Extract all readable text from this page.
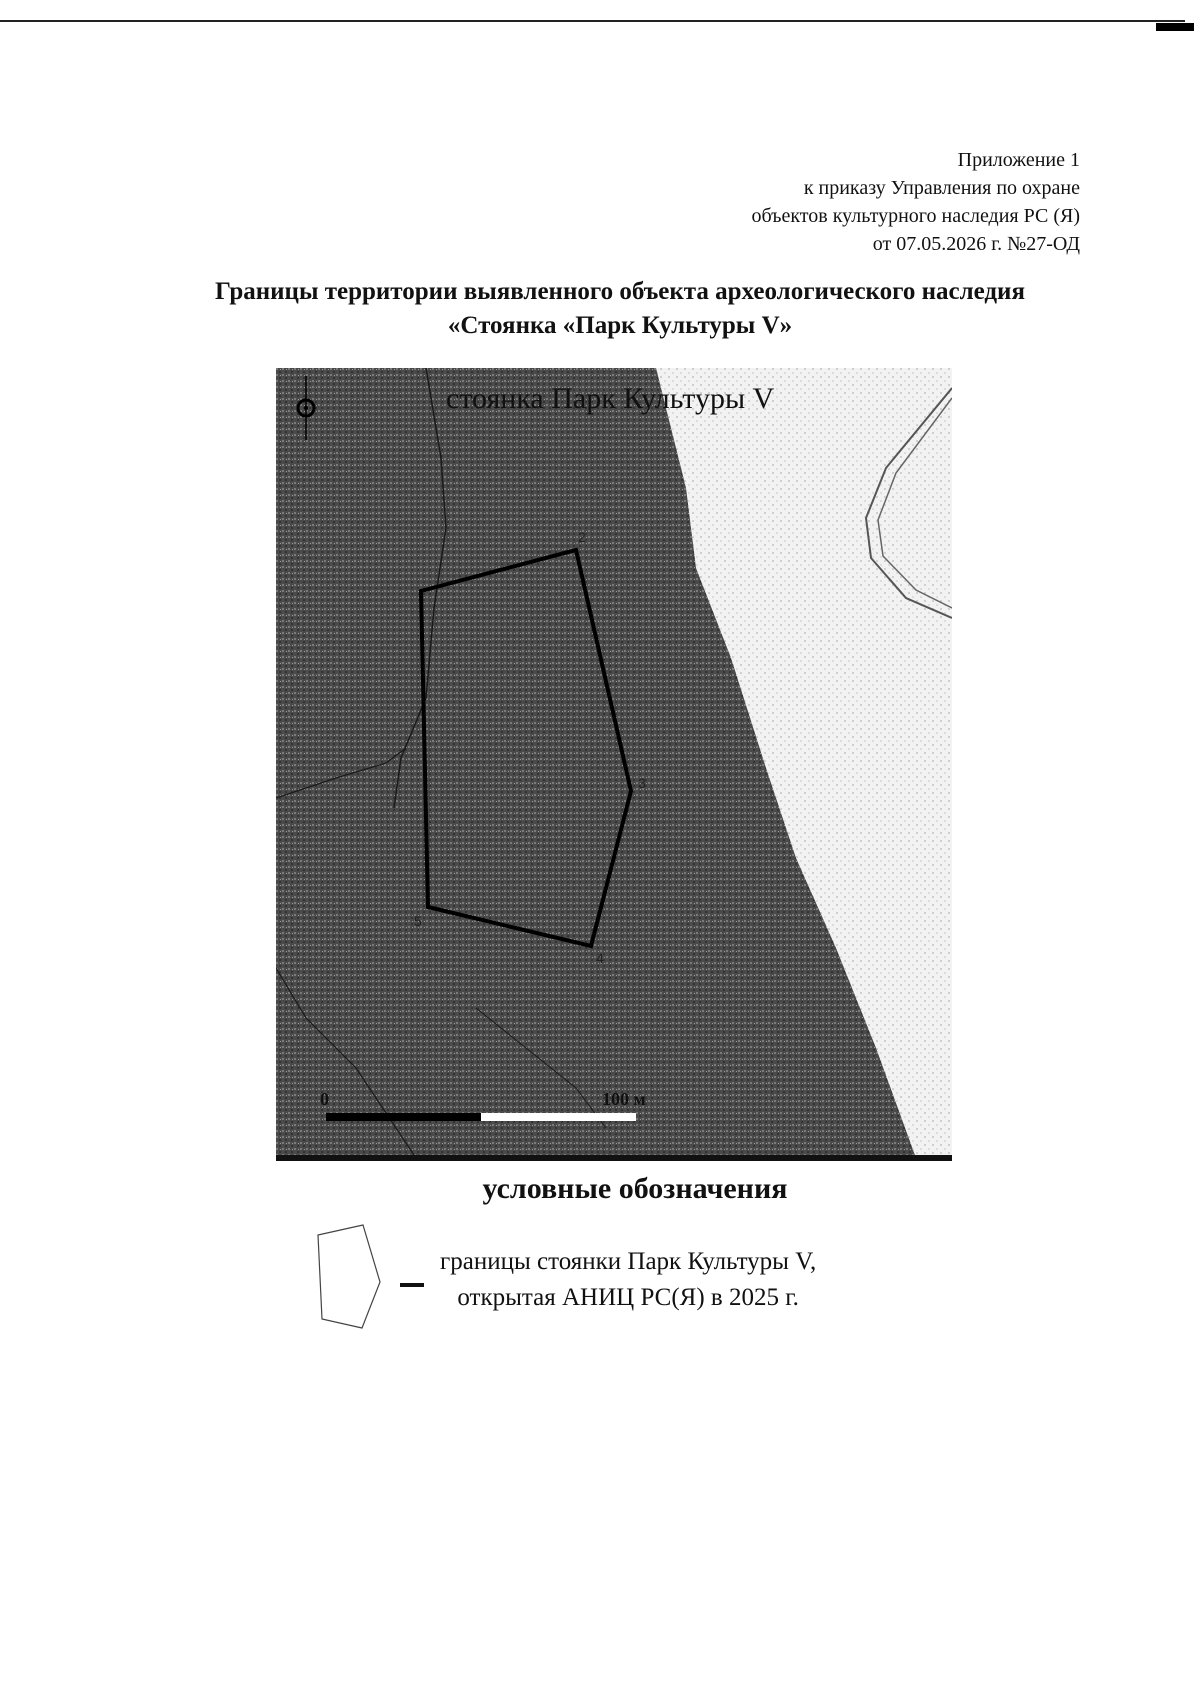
Приложение 1
к приказу Управления по охране
объектов культурного наследия РС (Я)
от 07.05.2026 г. №27-ОД
Границы территории выявленного объекта археологического наследия
«Стоянка «Парк Культуры V»
2
3
4
5
0	100 м
стоянка Парк Культуры V
условные обозначения
границы стоянки Парк Культуры V,
открытая АНИЦ РС(Я) в 2025 г.
